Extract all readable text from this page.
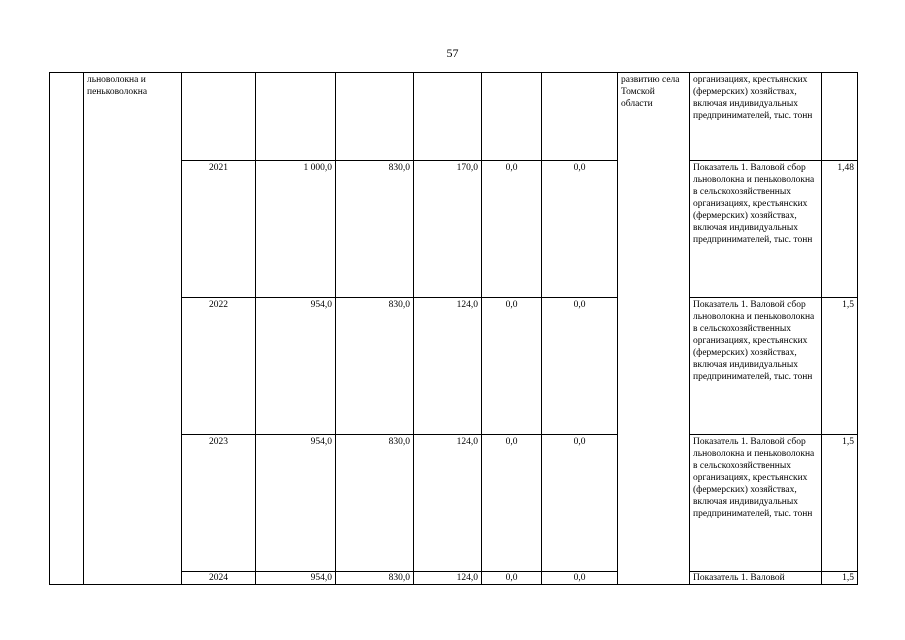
57
	льноволокна и пеньковолокна							развитию села Томской области	организациях, крестьянских (фермерских) хозяйствах, включая индивидуальных предпринимателей, тыс. тонн	
		2021	1 000,0	830,0	170,0	0,0	0,0		Показатель 1. Валовой сбор льноволокна и пеньковолокна в сельскохозяйственных организациях, крестьянских (фермерских) хозяйствах, включая индивидуальных предпринимателей, тыс. тонн	1,48
		2022	954,0	830,0	124,0	0,0	0,0		Показатель 1. Валовой сбор льноволокна и пеньковолокна в сельскохозяйственных организациях, крестьянских (фермерских) хозяйствах, включая индивидуальных предпринимателей, тыс. тонн	1,5
		2023	954,0	830,0	124,0	0,0	0,0		Показатель 1. Валовой сбор льноволокна и пеньковолокна в сельскохозяйственных организациях, крестьянских (фермерских) хозяйствах, включая индивидуальных предпринимателей, тыс. тонн	1,5
		2024	954,0	830,0	124,0	0,0	0,0		Показатель 1. Валовой	1,5
